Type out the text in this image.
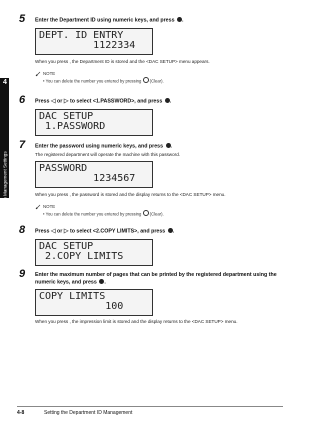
4
System Management Settings
5 Enter the Department ID using numeric keys, and press .
DEPT. ID ENTRY
1122334
When you press , the Department ID is stored and the <DAC SETUP> menu appears.
NOTE
• You can delete the number you entered by pressing (Clear).
6 Press ◁ or ▷ to select <1.PASSWORD>, and press .
DAC SETUP
1.PASSWORD
7 Enter the password using numeric keys, and press .
The registered department will operate the machine with this password.
PASSWORD
1234567
When you press , the password is stored and the display returns to the <DAC SETUP> menu.
NOTE
• You can delete the number you entered by pressing (Clear).
8 Press ◁ or ▷ to select <2.COPY LIMITS>, and press .
DAC SETUP
2.COPY LIMITS
9 Enter the maximum number of pages that can be printed by the registered department using the numeric keys, and press .
COPY LIMITS
100
When you press , the impression limit is stored and the display returns to the <DAC SETUP> menu.
4-8	Setting the Department ID Management
